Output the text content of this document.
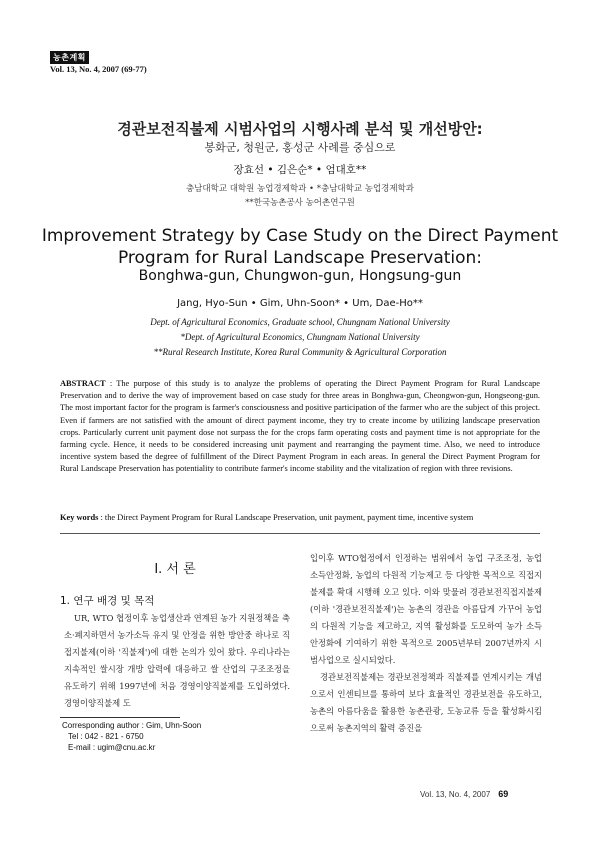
농촌계획
Vol. 13, No. 4, 2007 (69-77)
경관보전직불제 시범사업의 시행사례 분석 및 개선방안:
봉화군, 청원군, 홍성군 사례를 중심으로
장효선 • 김은순* • 엄대호**
충남대학교 대학원 농업경제학과 • *충남대학교 농업경제학과
**한국농촌공사 농어촌연구원
Improvement Strategy by Case Study on the Direct Payment
Program for Rural Landscape Preservation:
Bonghwa-gun, Chungwon-gun, Hongsung-gun
Jang, Hyo-Sun • Gim, Uhn-Soon* • Um, Dae-Ho**
Dept. of Agricultural Economics, Graduate school, Chungnam National University
*Dept. of Agricultural Economics, Chungnam National University
**Rural Research Institute, Korea Rural Community & Agricultural Corporation
ABSTRACT : The purpose of this study is to analyze the problems of operating the Direct Payment Program for Rural Landscape Preservation and to derive the way of improvement based on case study for three areas in Bonghwa-gun, Cheongwon-gun, Hongseong-gun. The most important factor for the program is farmer's consciousness and positive participation of the farmer who are the subject of this project. Even if farmers are not satisfied with the amount of direct payment income, they try to create income by utilizing landscape preservation crops. Particularly current unit payment dose not surpass the for the crops farm operating costs and payment time is not appropriate for the farming cycle. Hence, it needs to be considered increasing unit payment and rearranging the payment time. Also, we need to introduce incentive system based the degree of fulfillment of the Direct Payment Program in each areas. In general the Direct Payment Program for Rural Landscape Preservation has potentiality to contribute farmer's income stability and the vitalization of region with three revisions.
Key words : the Direct Payment Program for Rural Landscape Preservation, unit payment, payment time, incentive system
I. 서 론
1. 연구 배경 및 목적
UR, WTO 협정이후 농업생산과 연계된 농가 지원정책을 축소·폐지하면서 농가소득 유지 및 안정을 위한 방안중 하나로 직접지불제(이하 '직불제')에 대한 논의가 있어 왔다. 우리나라는 지속적인 쌀시장 개방 압력에 대응하고 쌀 산업의 구조조정을 유도하기 위해 1997년에 처음 경영이양직불제를 도입하였다. 경영이양직불제 도

입이후 WTO협정에서 인정하는 범위에서 농업 구조조정, 농업 소득안정화, 농업의 다원적 기능제고 등 다양한 목적으로 직접지불제를 확대 시행해 오고 있다. 이와 맞물려 경관보전직접지불제(이하 '경관보전직불제')는 농촌의 경관을 아름답게 가꾸어 농업의 다원적 기능을 제고하고, 지역 활성화를 도모하여 농가 소득안정화에 기여하기 위한 목적으로 2005년부터 2007년까지 시범사업으로 실시되었다.

경관보전직불제는 경관보전정책과 직불제를 연계시키는 개념으로서 인센티브를 통하여 보다 효율적인 경관보전을 유도하고, 농촌의 아름다움을 활용한 농촌관광, 도농교류 등을 활성화시킴으로써 농촌지역의 활력 증진을

Corresponding author : Gim, Uhn-Soon
Tel : 042 - 821 - 6750
E-mail : ugim@cnu.ac.kr
Vol. 13, No. 4, 2007 69
